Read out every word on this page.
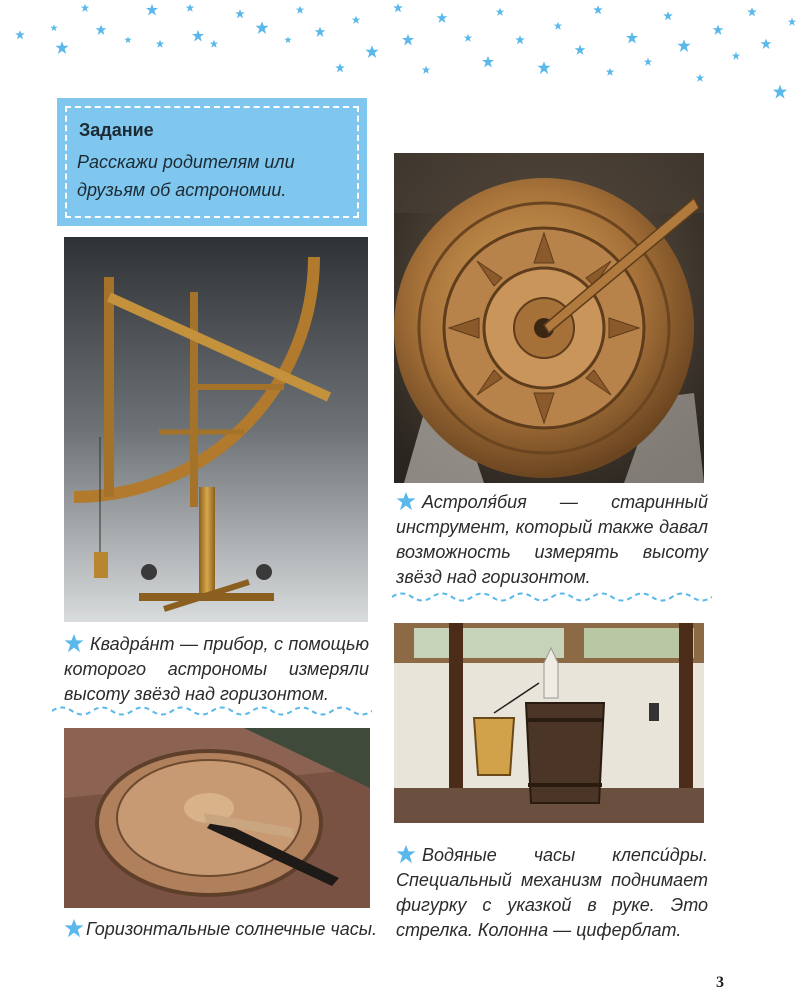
Задание
Расскажи родителям или друзьям об астрономии.
Астроля́бия — старинный инструмент, который также давал возможность измерять высоту звёзд над горизонтом.
Квадра́нт — прибор, с помощью которого астрономы измеряли высоту звёзд над горизонтом.
Водяные часы клепси́дры. Специальный механизм поднимает фигурку с указкой в руке. Это стрелка. Колонна — циферблат.
Горизонтальные солнечные часы.
3
